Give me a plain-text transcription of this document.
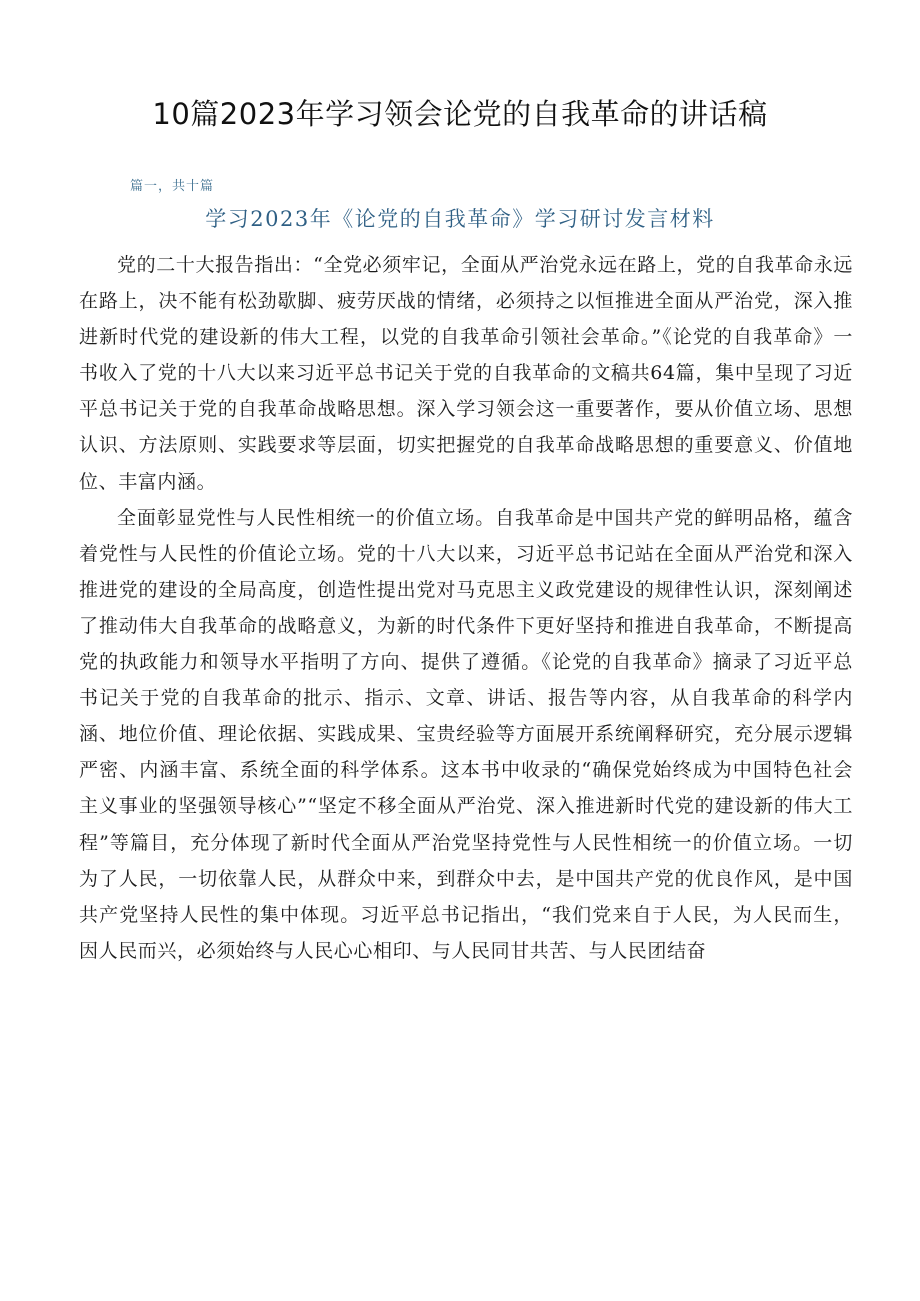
10篇2023年学习领会论党的自我革命的讲话稿
篇一，共十篇
学习2023年《论党的自我革命》学习研讨发言材料

党的二十大报告指出：“全党必须牢记，全面从严治党永远在路上，党的自我革命永远在路上，决不能有松劲歇脚、疲劳厌战的情绪，必须持之以恒推进全面从严治党，深入推进新时代党的建设新的伟大工程，以党的自我革命引领社会革命。”《论党的自我革命》一书收入了党的十八大以来习近平总书记关于党的自我革命的文稿共64篇，集中呈现了习近平总书记关于党的自我革命战略思想。深入学习领会这一重要著作，要从价值立场、思想认识、方法原则、实践要求等层面，切实把握党的自我革命战略思想的重要意义、价值地位、丰富内涵。

全面彰显党性与人民性相统一的价值立场。自我革命是中国共产党的鲜明品格，蕴含着党性与人民性的价值论立场。党的十八大以来，习近平总书记站在全面从严治党和深入推进党的建设的全局高度，创造性提出党对马克思主义政党建设的规律性认识，深刻阐述了推动伟大自我革命的战略意义，为新的时代条件下更好坚持和推进自我革命，不断提高党的执政能力和领导水平指明了方向、提供了遵循。《论党的自我革命》摘录了习近平总书记关于党的自我革命的批示、指示、文章、讲话、报告等内容，从自我革命的科学内涵、地位价值、理论依据、实践成果、宝贵经验等方面展开系统阐释研究，充分展示逻辑严密、内涵丰富、系统全面的科学体系。这本书中收录的“确保党始终成为中国特色社会主义事业的坚强领导核心”“坚定不移全面从严治党、深入推进新时代党的建设新的伟大工程”等篇目，充分体现了新时代全面从严治党坚持党性与人民性相统一的价值立场。一切为了人民，一切依靠人民，从群众中来，到群众中去，是中国共产党的优良作风，是中国共产党坚持人民性的集中体现。习近平总书记指出，“我们党来自于人民，为人民而生，因人民而兴，必须始终与人民心心相印、与人民同甘共苦、与人民团结奋
